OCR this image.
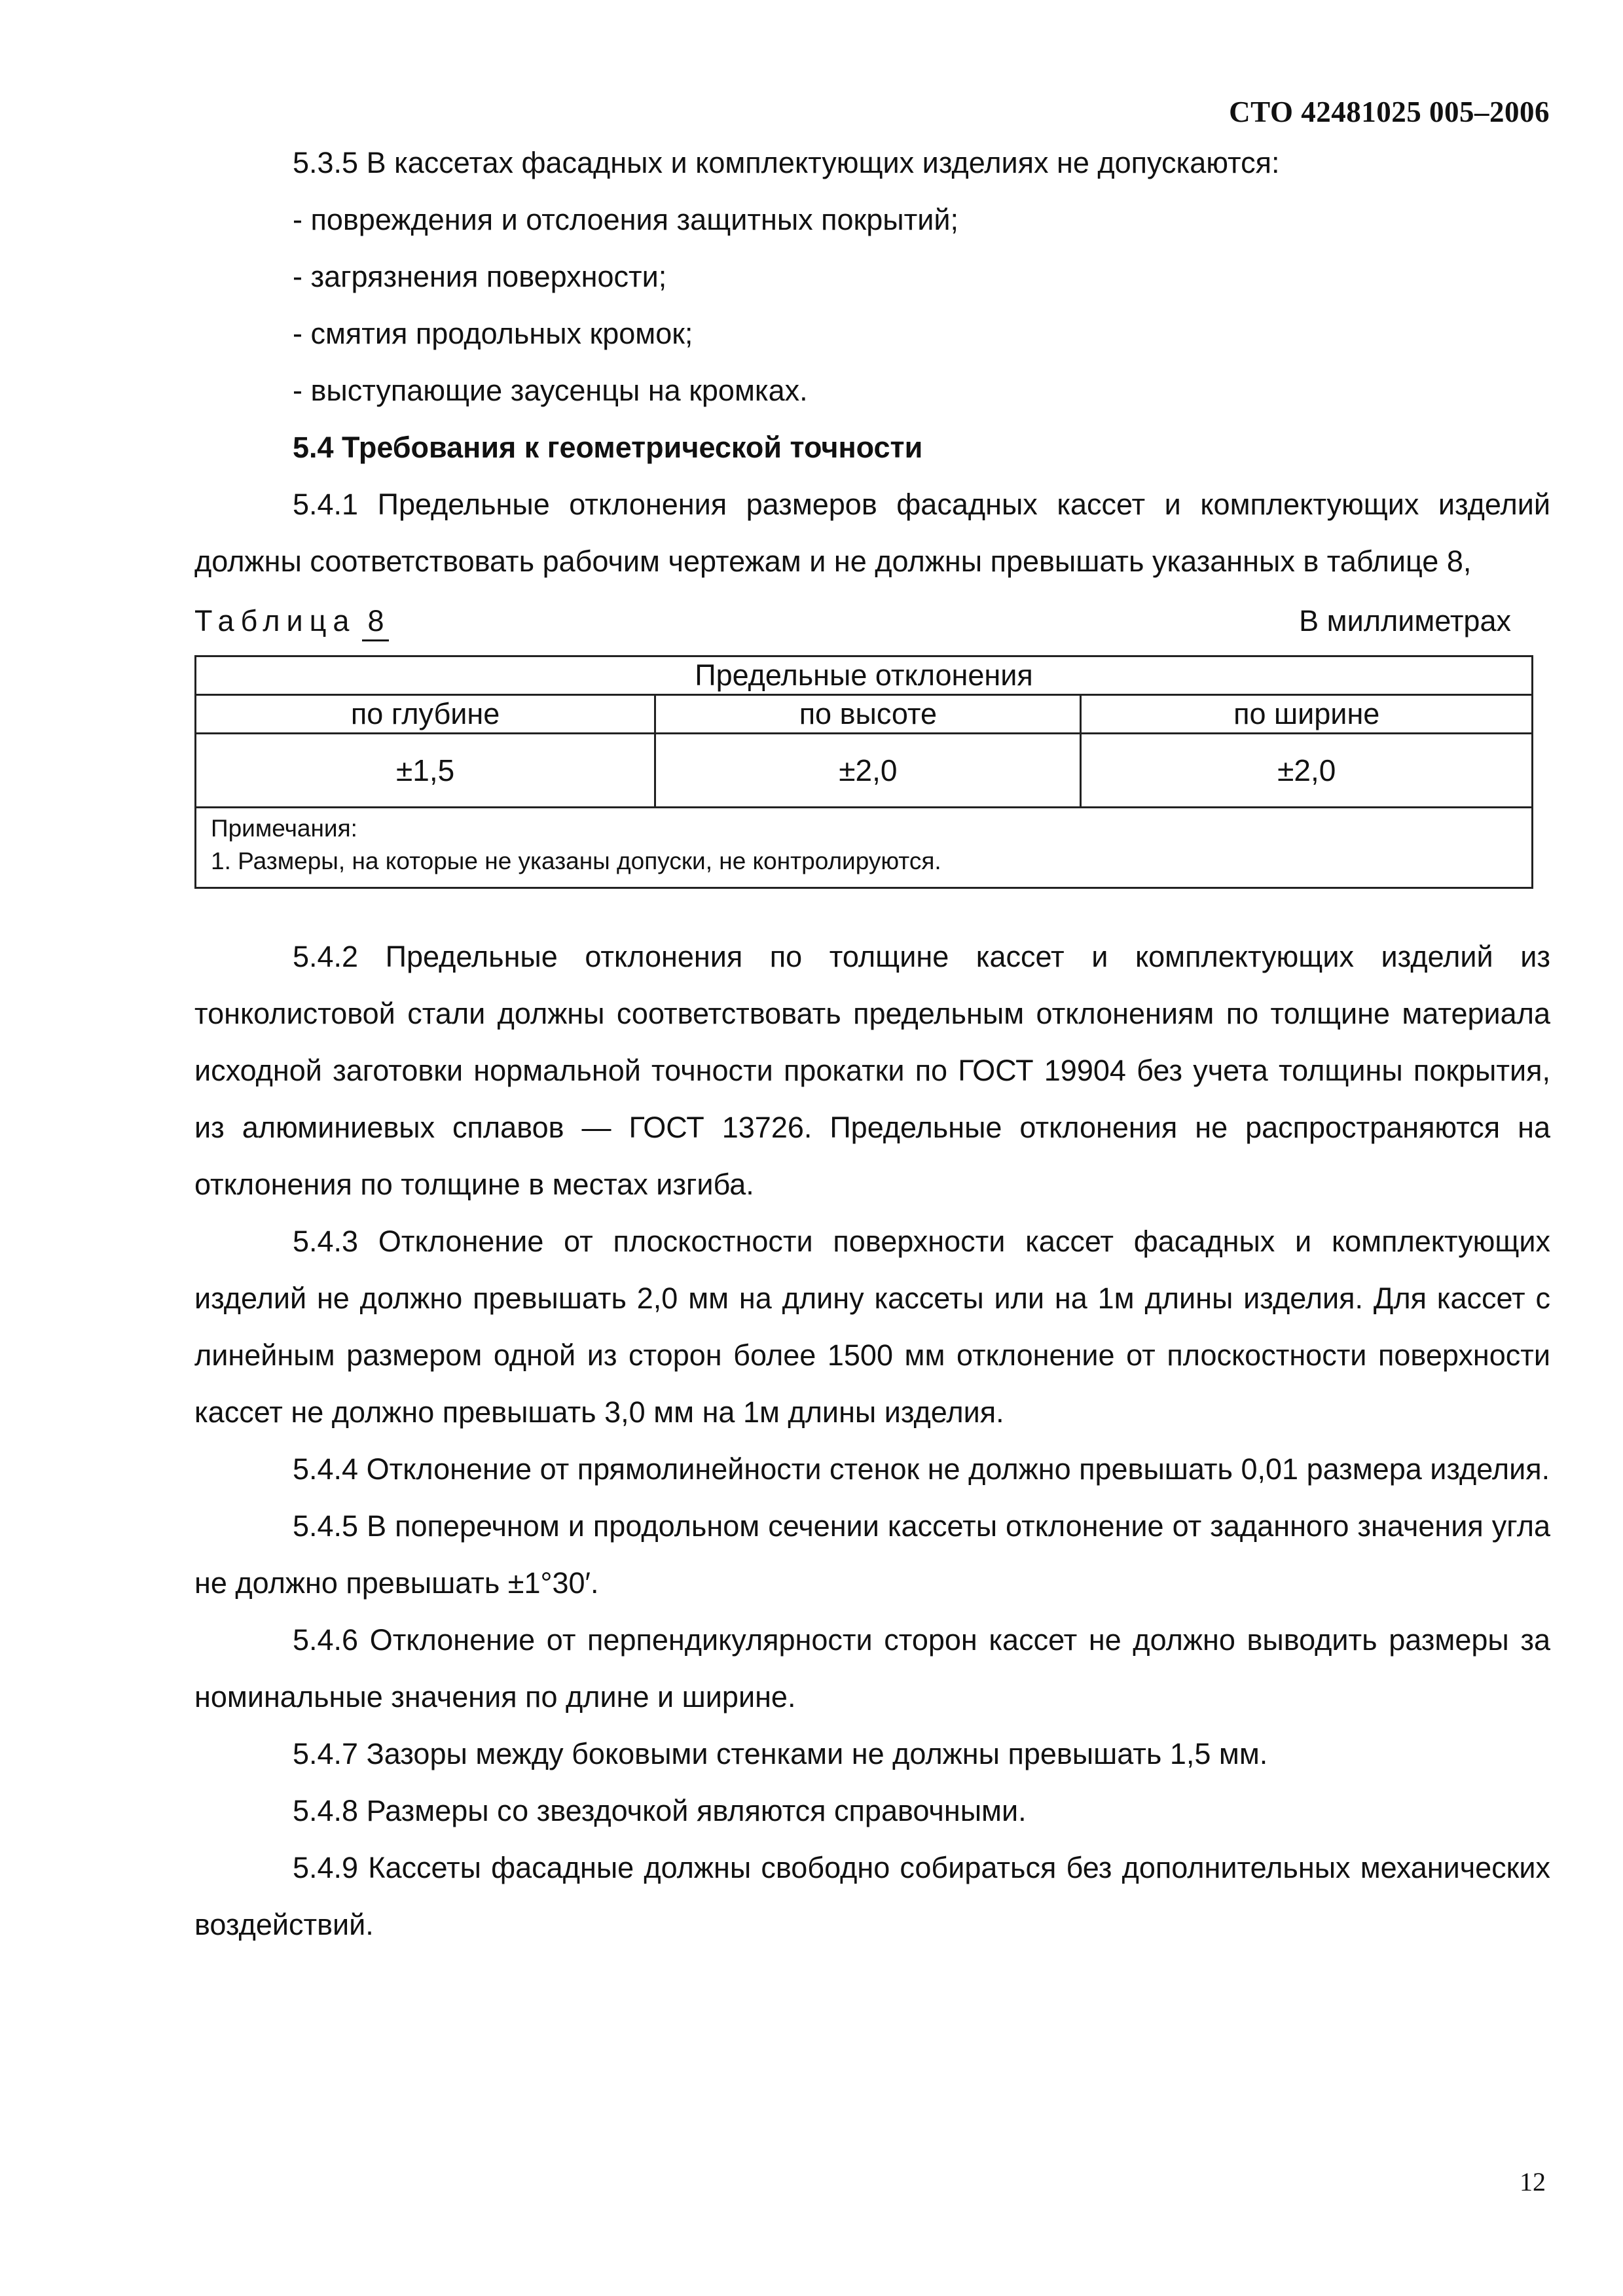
СТО 42481025 005–2006

5.3.5 В кассетах фасадных и комплектующих изделиях не допускаются:

- повреждения и отслоения защитных покрытий;

- загрязнения поверхности;

- смятия продольных кромок;

- выступающие заусенцы на кромках.

5.4 Требования к геометрической точности

5.4.1 Предельные отклонения размеров фасадных кассет и комплектующих изделий должны соответствовать рабочим чертежам и не должны превышать указанных в таблице 8,

Таблица 8	В миллиметрах
Предельные отклонения		
по глубине	по высоте	по ширине
±1,5	±2,0	±2,0

Примечания:
1. Размеры, на которые не указаны допуски, не контролируются.		

5.4.2 Предельные отклонения по толщине кассет и комплектующих изделий из тонколистовой стали должны соответствовать предельным отклонениям по толщине материала исходной заготовки нормальной точности прокатки по ГОСТ 19904 без учета толщины покрытия, из алюминиевых сплавов — ГОСТ 13726. Предельные отклонения не распространяются на отклонения по толщине в местах изгиба.

5.4.3 Отклонение от плоскостности поверхности кассет фасадных и комплектующих изделий не должно превышать 2,0 мм на длину кассеты или на 1м длины изделия. Для кассет с линейным размером одной из сторон более 1500 мм отклонение от плоскостности поверхности кассет не должно превышать 3,0 мм на 1м длины изделия.

5.4.4 Отклонение от прямолинейности стенок не должно превышать 0,01 размера изделия.

5.4.5 В поперечном и продольном сечении кассеты отклонение от заданного значения угла не должно превышать ±1°30′.

5.4.6 Отклонение от перпендикулярности сторон кассет не должно выводить размеры за номинальные значения по длине и ширине.

5.4.7 Зазоры между боковыми стенками не должны превышать 1,5 мм.

5.4.8 Размеры со звездочкой являются справочными.

5.4.9 Кассеты фасадные должны свободно собираться без дополнительных механических воздействий.

12
